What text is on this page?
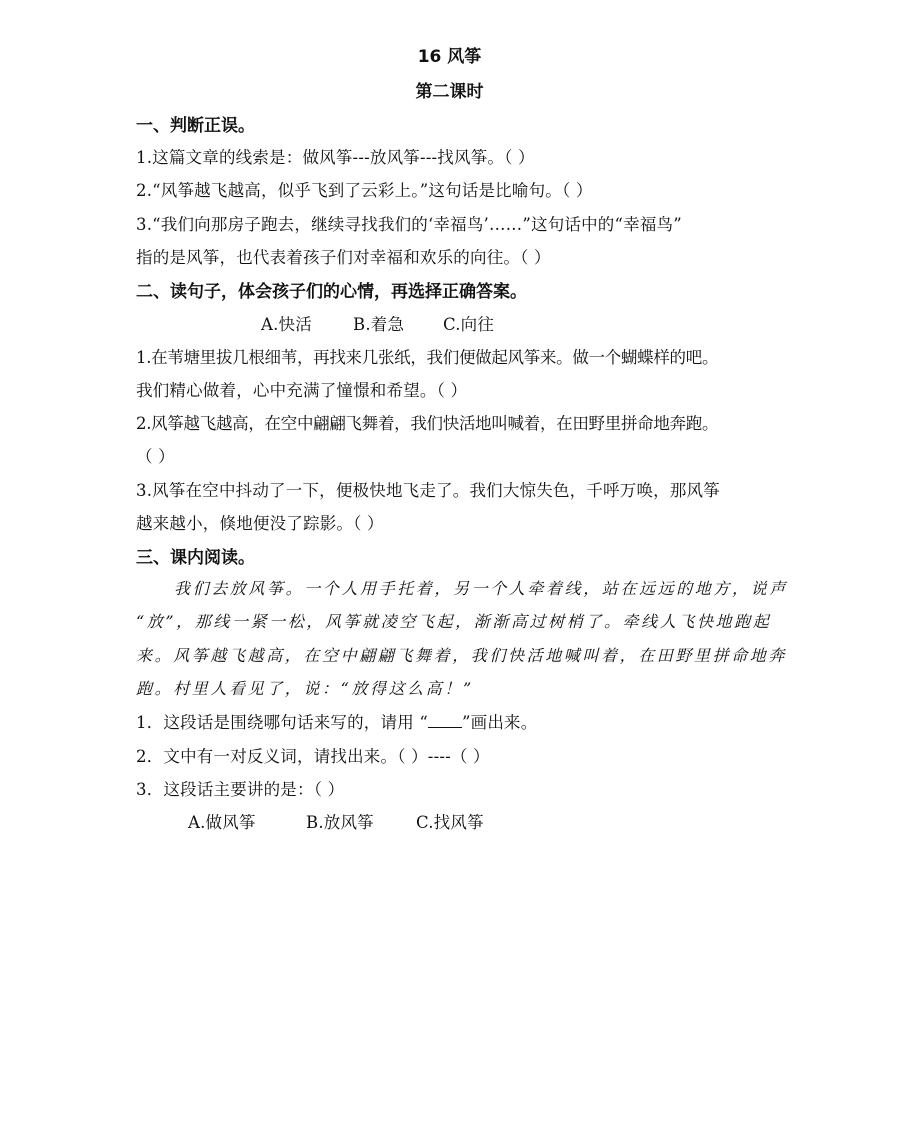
16 风筝
第二课时
一、判断正误。
1.这篇文章的线索是：做风筝---放风筝---找风筝。（ ）
2.“风筝越飞越高，似乎飞到了云彩上。”这句话是比喻句。（ ）
3.“我们向那房子跑去，继续寻找我们的‘幸福鸟’……”这句话中的“幸福鸟”
指的是风筝，也代表着孩子们对幸福和欢乐的向往。（ ）
二、读句子，体会孩子们的心情，再选择正确答案。
A.快活 B.着急 C.向往
1.在苇塘里拔几根细苇，再找来几张纸，我们便做起风筝来。做一个蝴蝶样的吧。
我们精心做着，心中充满了憧憬和希望。（ ）
2.风筝越飞越高，在空中翩翩飞舞着，我们快活地叫喊着，在田野里拼命地奔跑。
（ ）
3.风筝在空中抖动了一下，便极快地飞走了。我们大惊失色，千呼万唤，那风筝
越来越小，倏地便没了踪影。（ ）
三、课内阅读。
我们去放风筝。一个人用手托着，另一个人牵着线，站在远远的地方，说声
“放”，那线一紧一松，风筝就凌空飞起，渐渐高过树梢了。牵线人飞快地跑起
来。风筝越飞越高，在空中翩翩飞舞着，我们快活地喊叫着，在田野里拼命地奔
跑。村里人看见了，说：“放得这么高！”
1．这段话是围绕哪句话来写的，请用 “ ”画出来。
2．文中有一对反义词，请找出来。（ ）----（ ）
3．这段话主要讲的是：（ ）
A.做风筝	B.放风筝	C.找风筝
